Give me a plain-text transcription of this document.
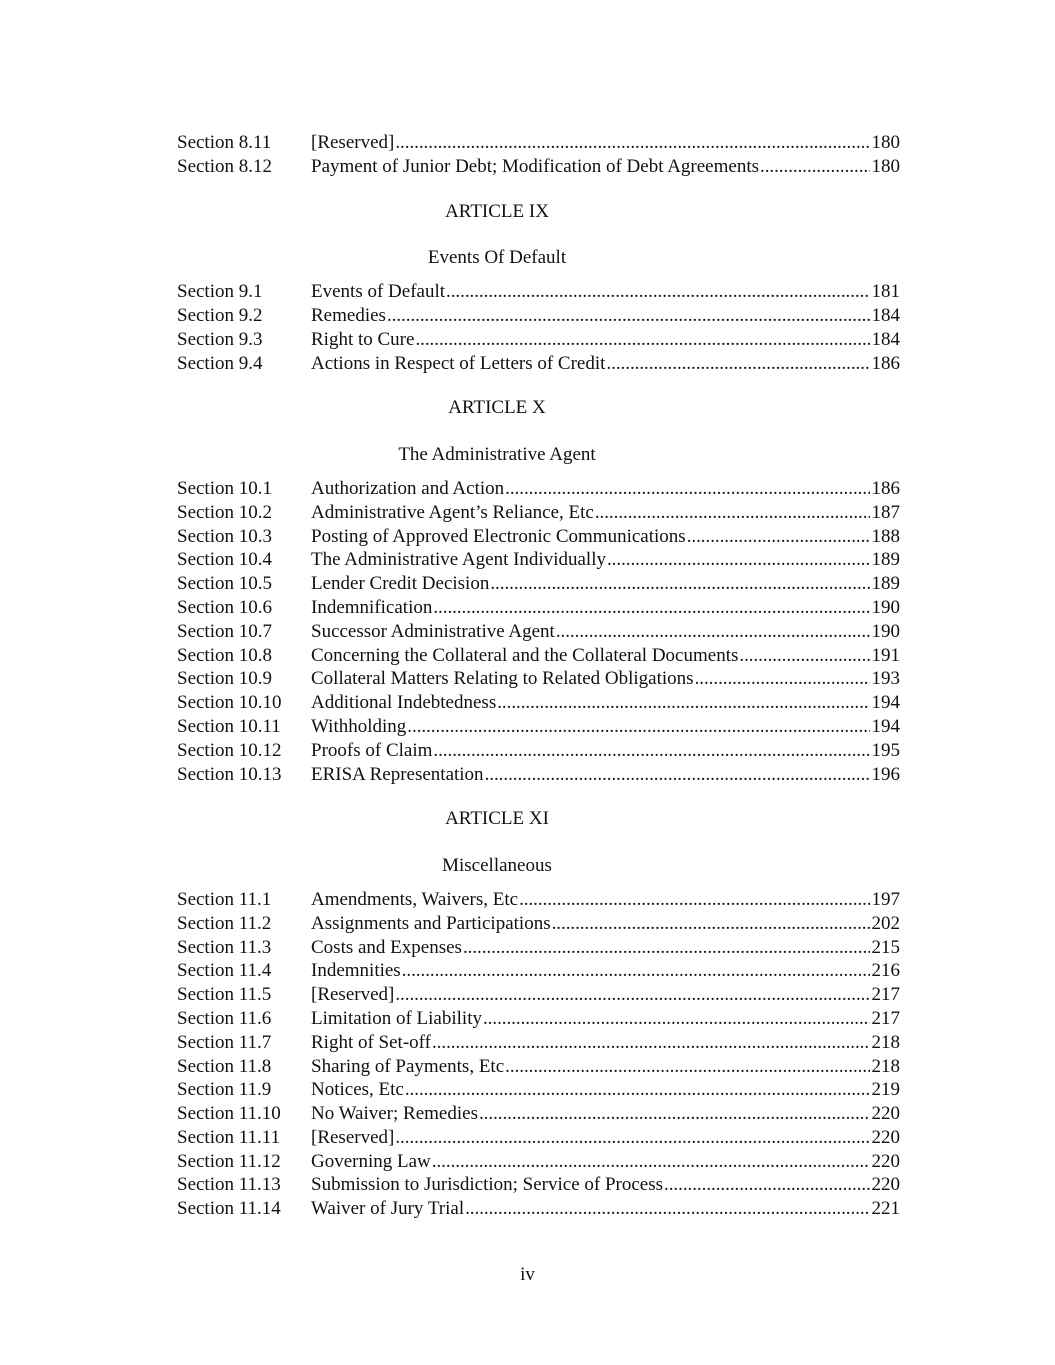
Section 8.11	[Reserved] . . .	180
Section 8.12	Payment of Junior Debt; Modification of Debt Agreements . . .	180
ARTICLE IX
Events Of Default
Section 9.1	Events of Default . . .	181
Section 9.2	Remedies . . .	184
Section 9.3	Right to Cure . . .	184
Section 9.4	Actions in Respect of Letters of Credit . . .	186
ARTICLE X
The Administrative Agent
Section 10.1	Authorization and Action . . .	186
Section 10.2	Administrative Agent’s Reliance, Etc . . .	187
Section 10.3	Posting of Approved Electronic Communications . . .	188
Section 10.4	The Administrative Agent Individually . . .	189
Section 10.5	Lender Credit Decision . . .	189
Section 10.6	Indemnification . . .	190
Section 10.7	Successor Administrative Agent . . .	190
Section 10.8	Concerning the Collateral and the Collateral Documents . . .	191
Section 10.9	Collateral Matters Relating to Related Obligations . . .	193
Section 10.10	Additional Indebtedness . . .	194
Section 10.11	Withholding . . .	194
Section 10.12	Proofs of Claim . . .	195
Section 10.13	ERISA Representation . . .	196
ARTICLE XI
Miscellaneous
Section 11.1	Amendments, Waivers, Etc . . .	197
Section 11.2	Assignments and Participations . . .	202
Section 11.3	Costs and Expenses . . .	215
Section 11.4	Indemnities . . .	216
Section 11.5	[Reserved] . . .	217
Section 11.6	Limitation of Liability . . .	217
Section 11.7	Right of Set-off . . .	218
Section 11.8	Sharing of Payments, Etc . . .	218
Section 11.9	Notices, Etc . . .	219
Section 11.10	No Waiver; Remedies . . .	220
Section 11.11	[Reserved] . . .	220
Section 11.12	Governing Law . . .	220
Section 11.13	Submission to Jurisdiction; Service of Process . . .	220
Section 11.14	Waiver of Jury Trial . . .	221
iv
